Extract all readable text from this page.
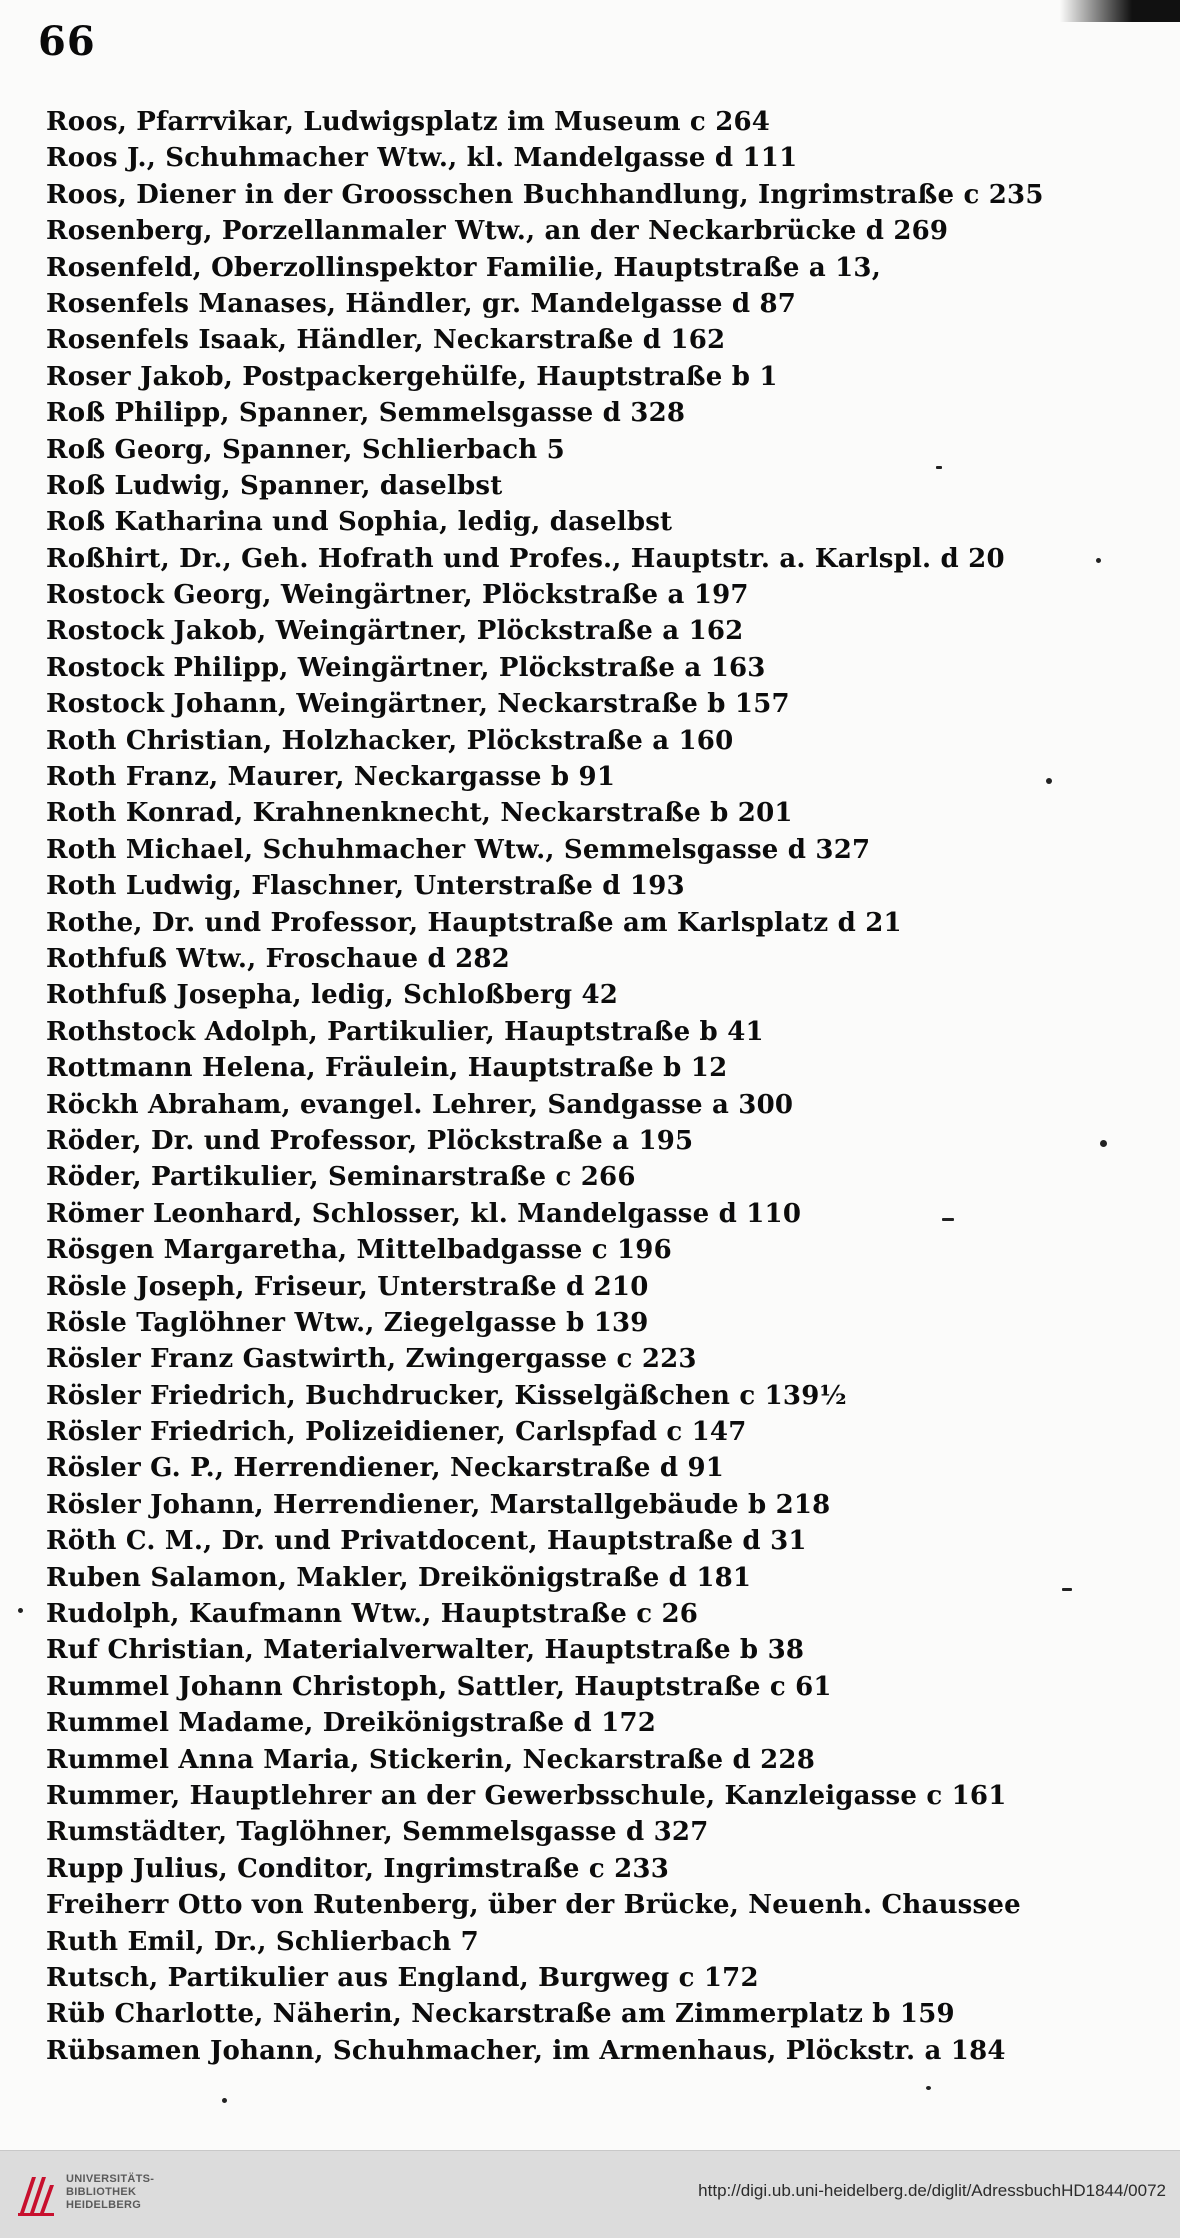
66
Roos, Pfarrvikar, Ludwigsplatz im Museum c 264
Roos J., Schuhmacher Wtw., kl. Mandelgasse d 111
Roos, Diener in der Groosschen Buchhandlung, Ingrimstraße c 235
Rosenberg, Porzellanmaler Wtw., an der Neckarbrücke d 269
Rosenfeld, Oberzollinspektor Familie, Hauptstraße a 13,
Rosenfels Manases, Händler, gr. Mandelgasse d 87
Rosenfels Isaak, Händler, Neckarstraße d 162
Roser Jakob, Postpackergehülfe, Hauptstraße b 1
Roß Philipp, Spanner, Semmelsgasse d 328
Roß Georg, Spanner, Schlierbach 5
Roß Ludwig, Spanner, daselbst
Roß Katharina und Sophia, ledig, daselbst
Roßhirt, Dr., Geh. Hofrath und Profes., Hauptstr. a. Karlspl. d 20
Rostock Georg, Weingärtner, Plöckstraße a 197
Rostock Jakob, Weingärtner, Plöckstraße a 162
Rostock Philipp, Weingärtner, Plöckstraße a 163
Rostock Johann, Weingärtner, Neckarstraße b 157
Roth Christian, Holzhacker, Plöckstraße a 160
Roth Franz, Maurer, Neckargasse b 91
Roth Konrad, Krahnenknecht, Neckarstraße b 201
Roth Michael, Schuhmacher Wtw., Semmelsgasse d 327
Roth Ludwig, Flaschner, Unterstraße d 193
Rothe, Dr. und Professor, Hauptstraße am Karlsplatz d 21
Rothfuß Wtw., Froschaue d 282
Rothfuß Josepha, ledig, Schloßberg 42
Rothstock Adolph, Partikulier, Hauptstraße b 41
Rottmann Helena, Fräulein, Hauptstraße b 12
Röckh Abraham, evangel. Lehrer, Sandgasse a 300
Röder, Dr. und Professor, Plöckstraße a 195
Röder, Partikulier, Seminarstraße c 266
Römer Leonhard, Schlosser, kl. Mandelgasse d 110
Rösgen Margaretha, Mittelbadgasse c 196
Rösle Joseph, Friseur, Unterstraße d 210
Rösle Taglöhner Wtw., Ziegelgasse b 139
Rösler Franz Gastwirth, Zwingergasse c 223
Rösler Friedrich, Buchdrucker, Kisselgäßchen c 139½
Rösler Friedrich, Polizeidiener, Carlspfad c 147
Rösler G. P., Herrendiener, Neckarstraße d 91
Rösler Johann, Herrendiener, Marstallgebäude b 218
Röth C. M., Dr. und Privatdocent, Hauptstraße d 31
Ruben Salamon, Makler, Dreikönigstraße d 181
Rudolph, Kaufmann Wtw., Hauptstraße c 26
Ruf Christian, Materialverwalter, Hauptstraße b 38
Rummel Johann Christoph, Sattler, Hauptstraße c 61
Rummel Madame, Dreikönigstraße d 172
Rummel Anna Maria, Stickerin, Neckarstraße d 228
Rummer, Hauptlehrer an der Gewerbsschule, Kanzleigasse c 161
Rumstädter, Taglöhner, Semmelsgasse d 327
Rupp Julius, Conditor, Ingrimstraße c 233
Freiherr Otto von Rutenberg, über der Brücke, Neuenh. Chaussee
Ruth Emil, Dr., Schlierbach 7
Rutsch, Partikulier aus England, Burgweg c 172
Rüb Charlotte, Näherin, Neckarstraße am Zimmerplatz b 159
Rübsamen Johann, Schuhmacher, im Armenhaus, Plöckstr. a 184
UNIVERSITÄTS-
BIBLIOTHEK
HEIDELBERG
http://digi.ub.uni-heidelberg.de/diglit/AdressbuchHD1844/0072
